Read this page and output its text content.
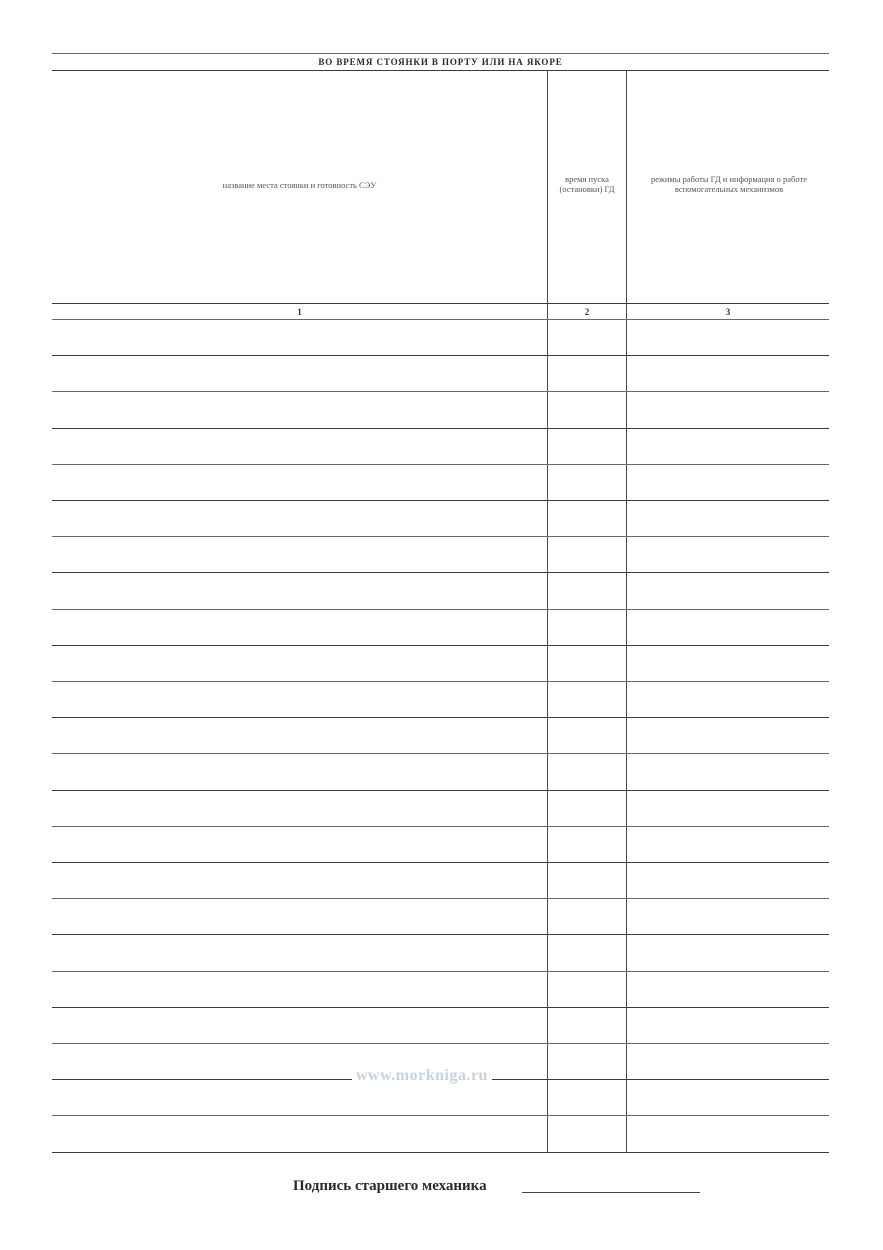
ВО ВРЕМЯ СТОЯНКИ В ПОРТУ ИЛИ НА ЯКОРЕ
название места стоянки и готовность СЭУ
время пуска (остановки) ГД
режимы работы ГД и информация о работе вспомогательных механизмов
1	2	3
www.morkniga.ru
Подпись старшего механика
